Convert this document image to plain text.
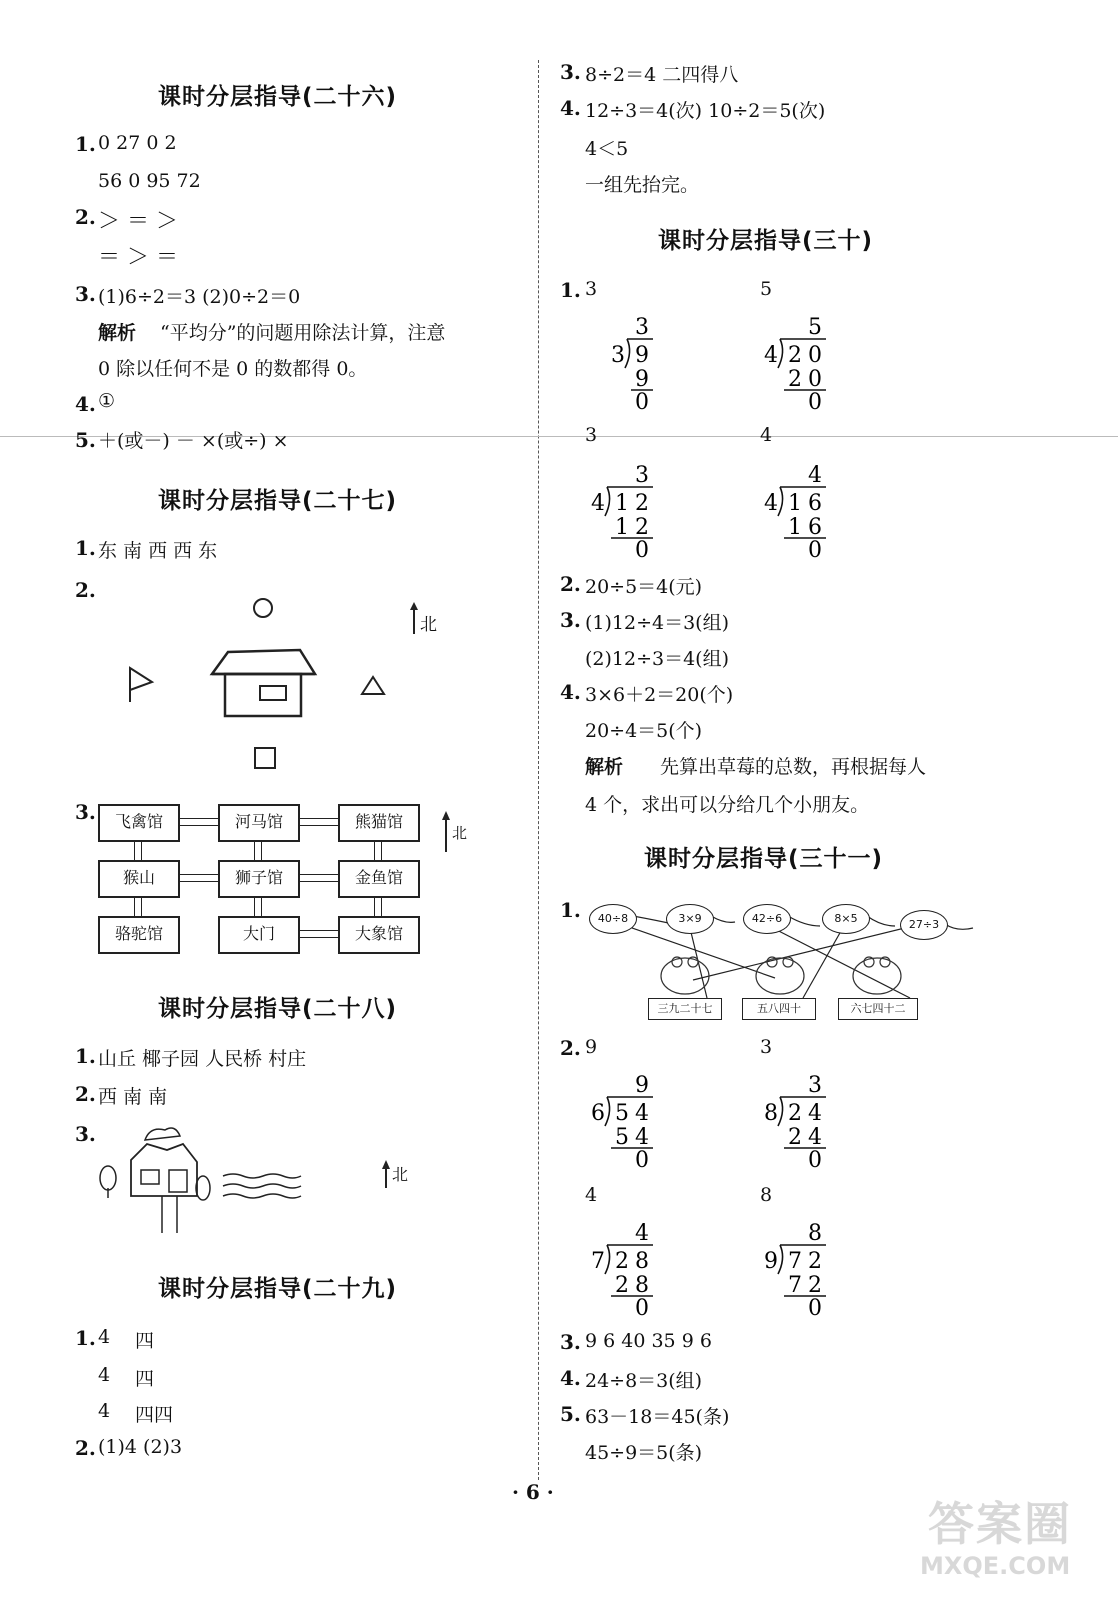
课时分层指导(二十六)
1. 0 27 0 2
56 0 95 72
2. ＞ ＝ ＞
＝ ＞ ＝
3. (1)6÷2＝3 (2)0÷2＝0
解析 “平均分”的问题用除法计算，注意
0 除以任何不是 0 的数都得 0。
4. ①
5. ＋(或－) － ×(或÷) ×
课时分层指导(二十七)
1. 东 南 西 西 东
2.
北
3.	飞禽馆	河马馆	熊猫馆
猴山	狮子馆	金鱼馆
骆驼馆	大门	大象馆
北
课时分层指导(二十八)
1. 山丘 椰子园 人民桥 村庄
2. 西 南 南
3.
北
课时分层指导(二十九)
1. 4 四
4 四
4 四四
2. (1)4 (2)3
3. 8÷2＝4 二四得八
4. 12÷3＝4(次) 10÷2＝5(次)
4＜5
一组先抬完。
课时分层指导(三十)
1. 3	5
3	4
3
3 9
9
0
5
4 2 0
2 0
0
3
4 1 2
1 2
0
4
4 1 6
1 6
0
2. 20÷5＝4(元)
3. (1)12÷4＝3(组)
(2)12÷3＝4(组)
4. 3×6＋2＝20(个)
20÷4＝5(个)
解析 先算出草莓的总数，再根据每人
4 个，求出可以分给几个小朋友。
课时分层指导(三十一)
1.	40÷8	3×9	42÷6	8×5	27÷3
三九二十七	五八四十	六七四十二
2. 9	3
4	8
9
6 5 4
5 4
0
3
8 2 4
2 4
0
4
7 2 8
2 8
0
8
9 7 2
7 2
0
3. 9 6 40 35 9 6
4. 24÷8＝3(组)
5. 63－18＝45(条)
45÷9＝5(条)
· 6 ·
答案圈
MXQE.COM
